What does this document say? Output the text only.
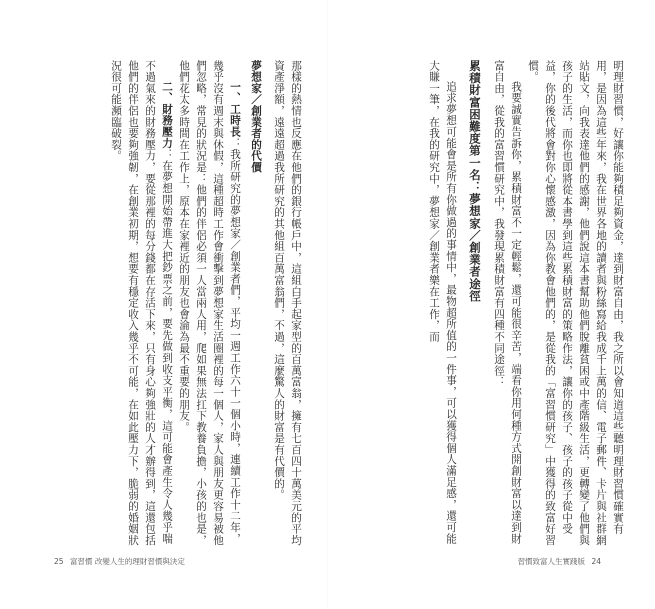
明理財習慣，好讓你能夠積足夠資金，達到財富自由，我之所以會知道這些聽明理財習慣確實有用，是因為這些年來，我在世界各地的讀者與粉絲寫給我成千上萬的信、電子郵件、卡片與社群網站貼文，向我表達他們的感謝，他們說這本書幫助他們脫離貧困或中產階級生活，更轉變了他們與孩子的生活，而你也即將從本書學到這些累積財富的策略作法，讓你的孩子、孩子的孩子從中受益，你的後代將會對你心懷感激，因為你教會他們的，是從我的「富習慣研究」中獲得的致富好習慣。

我要誠實告訴你，累積財富不一定輕鬆，還可能很辛苦，端看你用何種方式開創財富以達到財富自由，從我的富習慣研究中，我發現累積財富有四種不同途徑：

累積財富困難度第一名：夢想家／創業者途徑

追求夢想可能會是所有你做過的事情中，最物超所值的一件事，可以獲得個人滿足感，還可能大賺一筆，在我的研究中，夢想家／創業者樂在工作，而

那樣的熱情也反應在他們的銀行帳戶中，這組白手起家型的百萬富翁，擁有七百四十萬美元的平均資產淨額，遠遠超過我所研究的其他組百萬富翁們，不過，這麼驚人的財富是有代價的。

夢想家／創業者的代價

一、工時長：我所研究的夢想家／創業者們，平均一週工作六十一個小時，連續工作十二年，幾乎沒有週末與休假，這種超時工作會衝擊到夢想家生活圈裡的每一個人，家人與朋友更容易被他們忽略，常見的狀況是：他們的伴侶必須一人當兩人用，爬如果無法扛下教養負擔，小孩的也是，他們花太多時間在工作上，原本在家裡近的朋友也會淪為最不重要的朋友。

二、財務壓力：在夢想開始帶進大把鈔票之前，要先做到收支平衡，這可能會產生令人幾乎喘不過氣來的財務壓力，要從那裡的每分錢都在存活下來，只有身心夠強壯的人才辦得到，這還包括他們的伴侶也要夠強韌，在創業初期，想要有穩定收入幾乎不可能，在如此壓力下，脆弱的婚姻狀況很可能瀕臨破裂。

25 富習慣 改變人生的理財習慣與決定	習慣致富人生實踐版 24
